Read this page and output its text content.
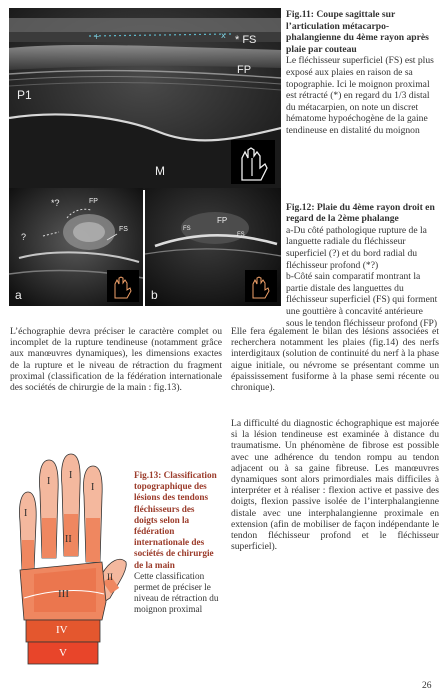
+	x * FS
FP
P1
M
Fig.11: Coupe sagittale sur l’articulation métacarpo-phalangienne du 4ème rayon après plaie par couteau
Le fléchisseur superficiel (FS) est plus exposé aux plaies en raison de sa topographie. Ici le moignon proximal est rétracté (*) en regard du 1/3 distal du métacarpien, on note un discret hématome hypoéchogène de la gaine tendineuse en distalité du moignon
*?
?
FP
FS
a
FS
FP
FS
b

Fig.12: Plaie du 4ème rayon droit en regard de la 2ème phalange
a-Du côté pathologique rupture de la languette radiale du fléchisseur superficiel (?) et du bord radial du fléchisseur profond (*?)
b-Côté sain comparatif montrant la partie distale des languettes du fléchisseur superficiel (FS) qui forment une gouttière à concavité antérieure sous le tendon fléchisseur profond (FP)

L’échographie devra préciser le caractère complet ou incomplet de la rupture tendineuse (notamment grâce aux manœuvres dynamiques), les dimensions exactes de la rupture et le niveau de rétraction du fragment proximal (classification de la fédération internationale des sociétés de chirurgie de la main : fig.13).
Elle fera également le bilan des lésions associées et recherchera notamment les plaies (fig.14) des nerfs interdigitaux (solution de continuité du nerf à la phase aigue initiale, ou névrome se présentant comme un épaississement fusiforme à la phase semi récente ou chronique).
La difficulté du diagnostic échographique est majorée si la lésion tendineuse est examinée à distance du traumatisme. Un phénomène de fibrose est possible avec une adhérence du tendon rompu au tendon adjacent ou à sa gaine fibreuse. Les manœuvres dynamiques sont alors primordiales mais difficiles à interpréter et à réaliser : flexion active et passive des doigts, flexion passive isolée de l’interphalangienne distale avec une interphalangienne proximale en extension (afin de mobiliser de façon indépendante le tendon fléchisseur profond et le fléchisseur superficiel).
I
I
I
I
II
II
III
IV
V
Fig.13: Classification topographique des lésions des tendons fléchisseurs des doigts selon la fédération internationale des sociétés de chirurgie de la main
Cette classification permet de préciser le niveau de rétraction du moignon proximal
26
